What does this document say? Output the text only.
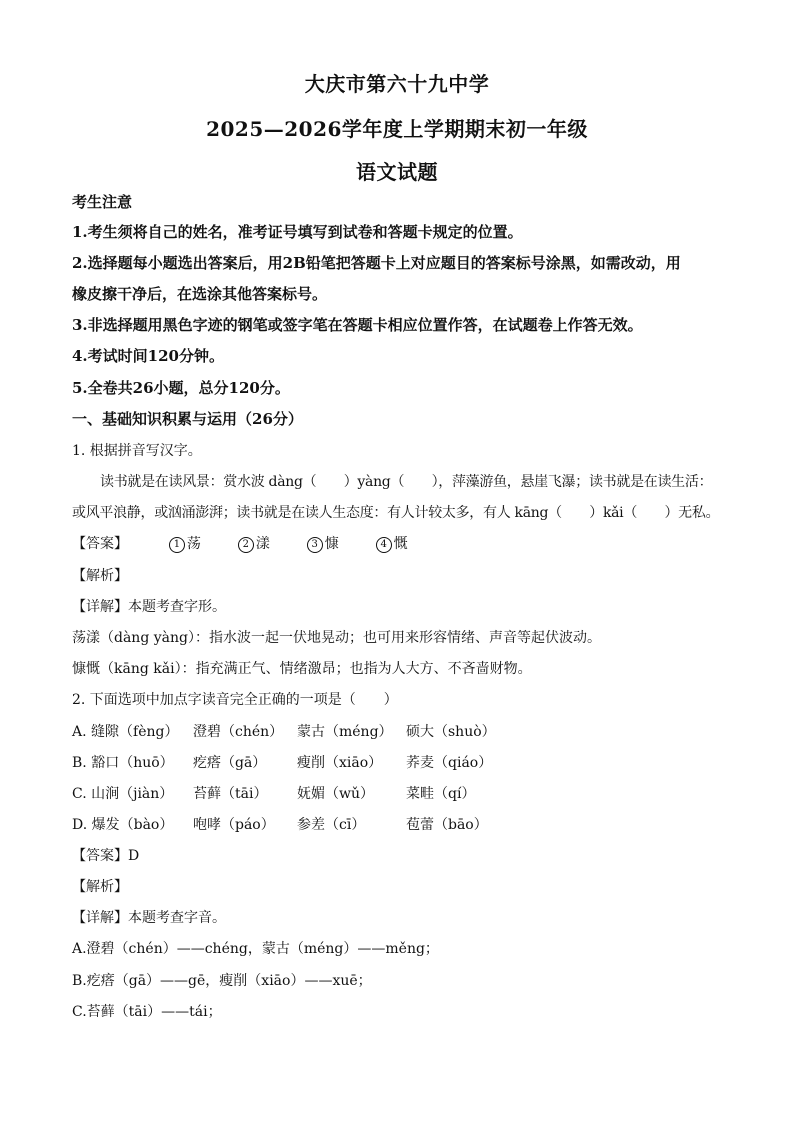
大庆市第六十九中学
2025—2026学年度上学期期末初一年级
语文试题
考生注意
1.考生须将自己的姓名，准考证号填写到试卷和答题卡规定的位置。
2.选择题每小题选出答案后，用2B铅笔把答题卡上对应题目的答案标号涂黑，如需改动，用
橡皮擦干净后，在选涂其他答案标号。
3.非选择题用黑色字迹的钢笔或签字笔在答题卡相应位置作答，在试题卷上作答无效。
4.考试时间120分钟。
5.全卷共26小题，总分120分。
一、基础知识积累与运用（26分）
1. 根据拼音写汉字。
读书就是在读风景：赏水波 dàng（　　）yàng（　　），萍藻游鱼，悬崖飞瀑；读书就是在读生活：
或风平浪静，或汹涌澎湃；读书就是在读人生态度：有人计较太多，有人 kāng（　　）kǎi（　　）无私。
【答案】	1 荡	2 漾	3 慷	4 慨
【解析】
【详解】本题考查字形。
荡漾（dàng yàng）：指水波一起一伏地晃动；也可用来形容情绪、声音等起伏波动。
慷慨（kāng kǎi）：指充满正气、情绪激昂；也指为人大方、不吝啬财物。
2. 下面选项中加点字读音完全正确的一项是（　　）
A. 缝隙（fèng） 澄碧（chén） 蒙古（méng） 硕大（shuò）
B. 豁口（huō） 疙瘩（gā） 瘦削（xiāo） 荞麦（qiáo）
C. 山涧（jiàn） 苔藓（tāi） 妩媚（wǔ） 菜畦（qí）
D. 爆发（bào） 咆哮（páo） 参差（cī）	苞蕾（bāo）
【答案】D
【解析】
【详解】本题考查字音。
A.澄碧（chén）——chéng，蒙古（méng）——měng；
B.疙瘩（gā）——gē，瘦削（xiāo）——xuē；
C.苔藓（tāi）——tái；
